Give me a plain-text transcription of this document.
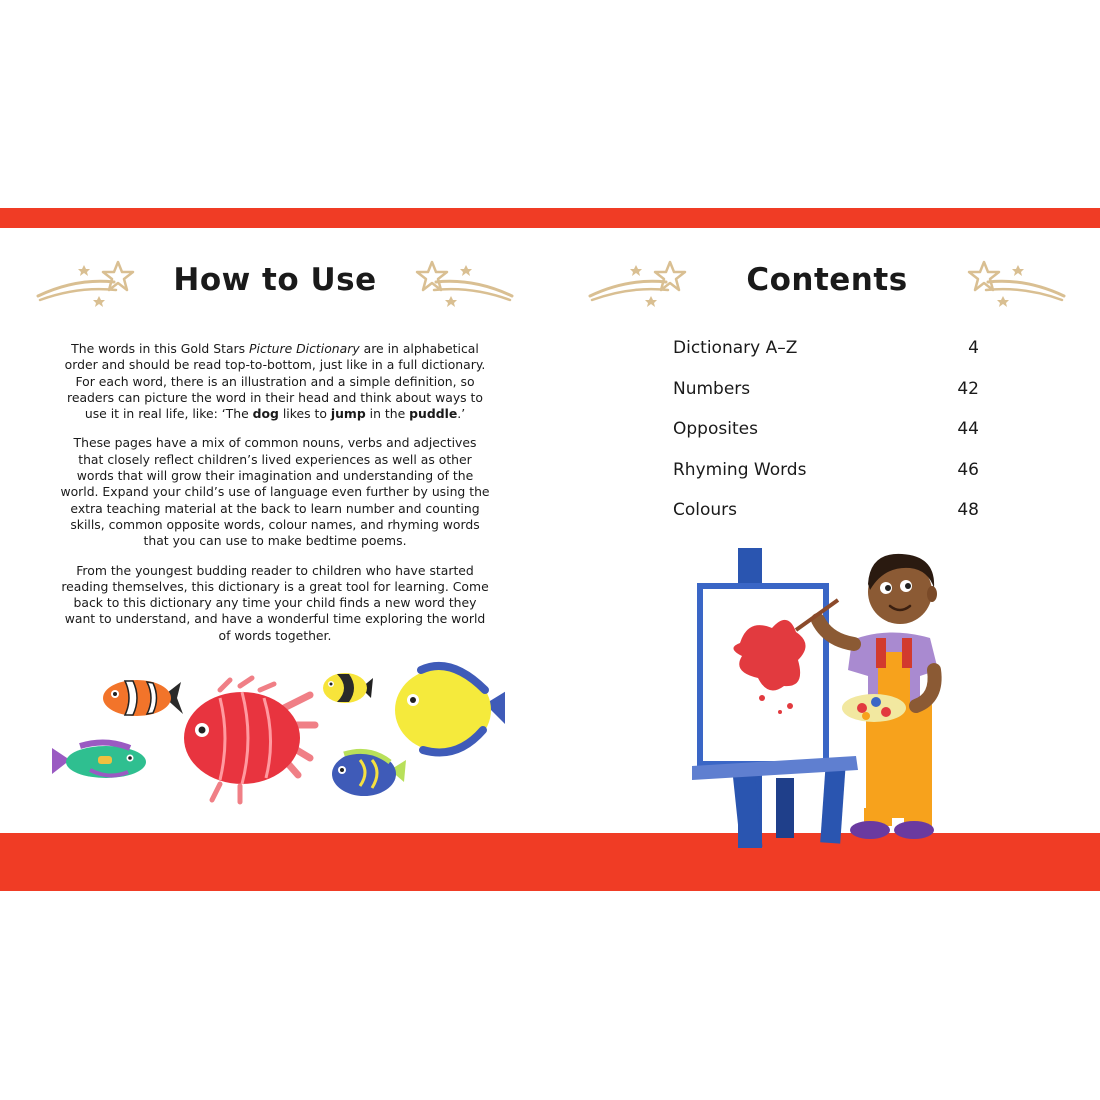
How to Use	Contents

The words in this Gold Stars Picture Dictionary are in alphabetical order and should be read top-to-bottom, just like in a full dictionary. For each word, there is an illustration and a simple definition, so readers can picture the word in their head and think about ways to use it in real life, like: ‘The dog likes to jump in the puddle.’

These pages have a mix of common nouns, verbs and adjectives that closely reflect children’s lived experiences as well as other words that will grow their imagination and understanding of the world. Expand your child’s use of language even further by using the extra teaching material at the back to learn number and counting skills, common opposite words, colour names, and rhyming words that you can use to make bedtime poems.

From the youngest budding reader to children who have started reading themselves, this dictionary is a great tool for learning. Come back to this dictionary any time your child finds a new word they want to understand, and have a wonderful time exploring the world of words together.

Dictionary A–Z	4
Numbers	42
Opposites	44
Rhyming Words	46
Colours	48
